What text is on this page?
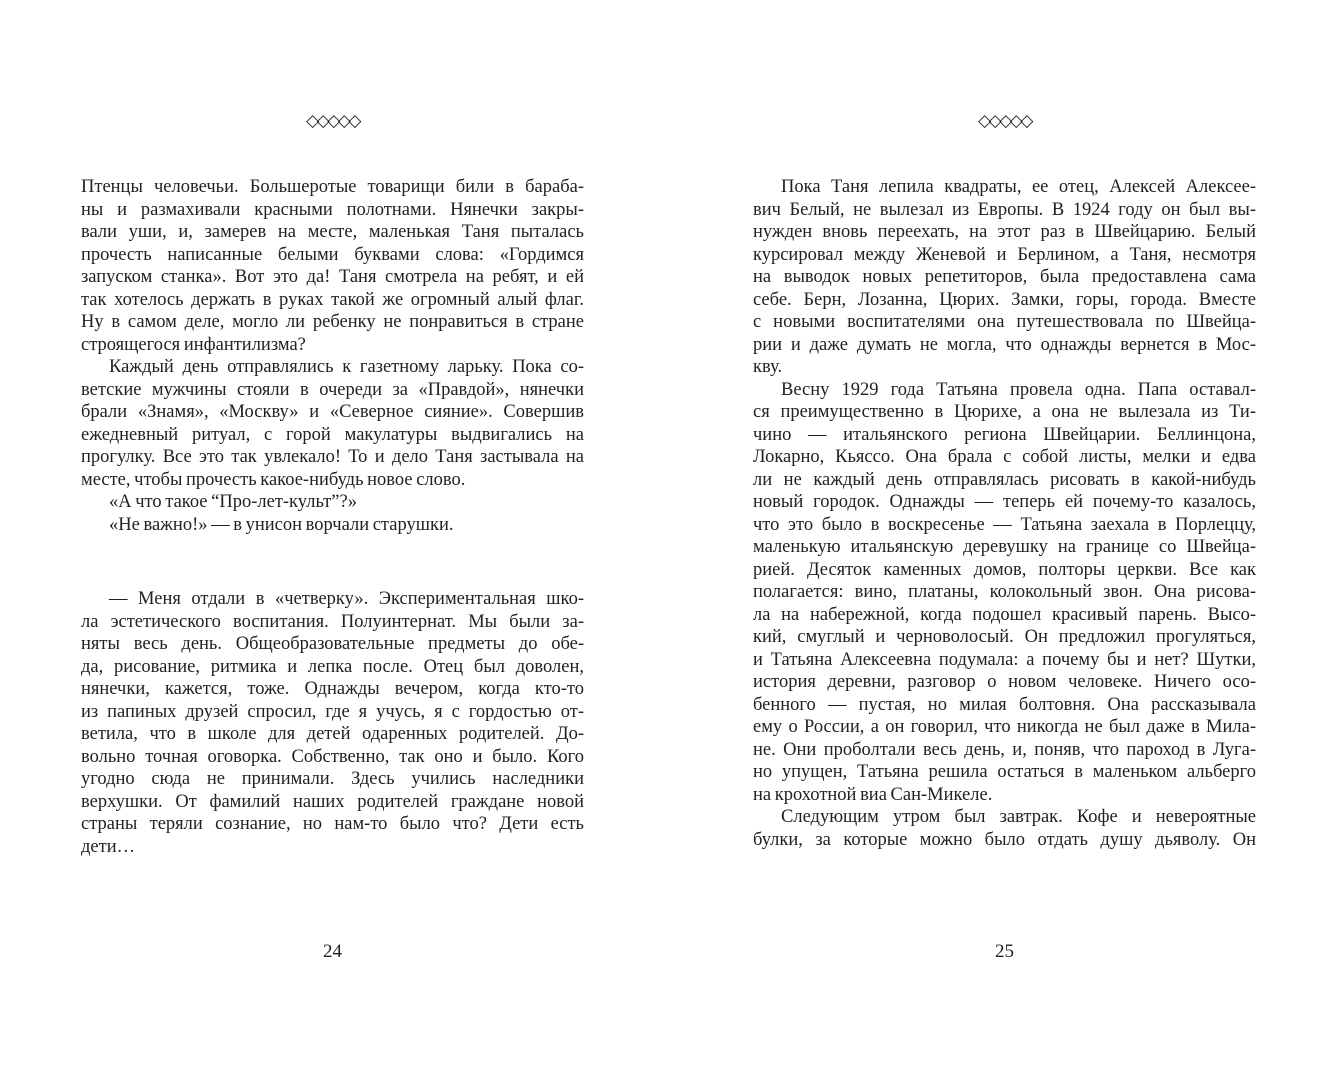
◇◇◇◇◇
Птенцы человечьи. Большеротые товарищи били в бараба-
ны и размахивали красными полотнами. Нянечки закры-
вали уши, и, замерев на месте, маленькая Таня пыталась
прочесть написанные белыми буквами слова: «Гордимся
запуском станка». Вот это да! Таня смотрела на ребят, и ей
так хотелось держать в руках такой же огромный алый флаг.
Ну в самом деле, могло ли ребенку не понравиться в стране
строящегося инфантилизма?
Каждый день отправлялись к газетному ларьку. Пока со-
ветские мужчины стояли в очереди за «Правдой», нянечки
брали «Знамя», «Москву» и «Северное сияние». Совершив
ежедневный ритуал, с горой макулатуры выдвигались на
прогулку. Все это так увлекало! То и дело Таня застывала на
месте, чтобы прочесть какое-нибудь новое слово.
«А что такое “Про-лет-культ”?»
«Не важно!» — в унисон ворчали старушки.
— Меня отдали в «четверку». Экспериментальная шко-
ла эстетического воспитания. Полуинтернат. Мы были за-
няты весь день. Общеобразовательные предметы до обе-
да, рисование, ритмика и лепка после. Отец был доволен,
нянечки, кажется, тоже. Однажды вечером, когда кто-то
из папиных друзей спросил, где я учусь, я с гордостью от-
ветила, что в школе для детей одаренных родителей. До-
вольно точная оговорка. Собственно, так оно и было. Кого
угодно сюда не принимали. Здесь учились наследники
верхушки. От фамилий наших родителей граждане новой
страны теряли сознание, но нам-то было что? Дети есть
дети…
24
◇◇◇◇◇
Пока Таня лепила квадраты, ее отец, Алексей Алексее-
вич Белый, не вылезал из Европы. В 1924 году он был вы-
нужден вновь переехать, на этот раз в Швейцарию. Белый
курсировал между Женевой и Берлином, а Таня, несмотря
на выводок новых репетиторов, была предоставлена сама
себе. Берн, Лозанна, Цюрих. Замки, горы, города. Вместе
с новыми воспитателями она путешествовала по Швейца-
рии и даже думать не могла, что однажды вернется в Мос-
кву.
Весну 1929 года Татьяна провела одна. Папа оставал-
ся преимущественно в Цюрихе, а она не вылезала из Ти-
чино — итальянского региона Швейцарии. Беллинцона,
Локарно, Кьяссо. Она брала с собой листы, мелки и едва
ли не каждый день отправлялась рисовать в какой-нибудь
новый городок. Однажды — теперь ей почему-то казалось,
что это было в воскресенье — Татьяна заехала в Порлеццу,
маленькую итальянскую деревушку на границе со Швейца-
рией. Десяток каменных домов, полторы церкви. Все как
полагается: вино, платаны, колокольный звон. Она рисова-
ла на набережной, когда подошел красивый парень. Высо-
кий, смуглый и черноволосый. Он предложил прогуляться,
и Татьяна Алексеевна подумала: а почему бы и нет? Шутки,
история деревни, разговор о новом человеке. Ничего осо-
бенного — пустая, но милая болтовня. Она рассказывала
ему о России, а он говорил, что никогда не был даже в Мила-
не. Они проболтали весь день, и, поняв, что пароход в Луга-
но упущен, Татьяна решила остаться в маленьком альберго
на крохотной виа Сан-Микеле.
Следующим утром был завтрак. Кофе и невероятные
булки, за которые можно было отдать душу дьяволу. Он
25
